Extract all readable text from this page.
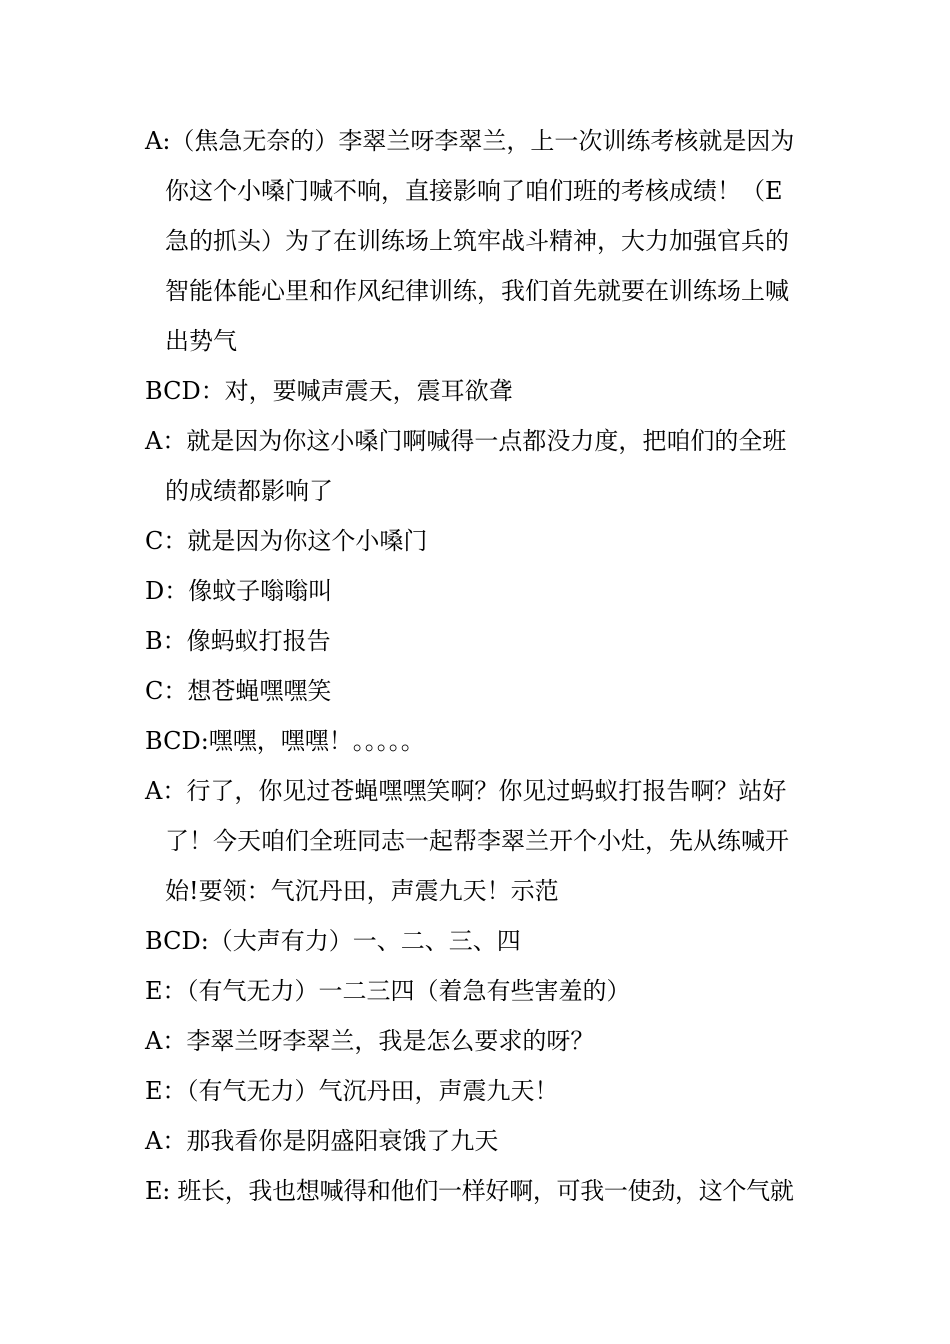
A:（焦急无奈的）李翠兰呀李翠兰，上一次训练考核就是因为你这个小嗓门喊不响，直接影响了咱们班的考核成绩！（E 急的抓头）为了在训练场上筑牢战斗精神，大力加强官兵的智能体能心里和作风纪律训练，我们首先就要在训练场上喊出势气

BCD：对，要喊声震天，震耳欲聋

A：就是因为你这小嗓门啊喊得一点都没力度，把咱们的全班的成绩都影响了

C：就是因为你这个小嗓门

D：像蚊子嗡嗡叫

B：像蚂蚁打报告

C：想苍蝇嘿嘿笑

BCD:嘿嘿，嘿嘿！。。。。。

A：行了，你见过苍蝇嘿嘿笑啊？你见过蚂蚁打报告啊？站好了！今天咱们全班同志一起帮李翠兰开个小灶，先从练喊开始!要领：气沉丹田，声震九天！示范

BCD:（大声有力）一、二、三、四

E：（有气无力）一二三四（着急有些害羞的）

A：李翠兰呀李翠兰，我是怎么要求的呀？

E：（有气无力）气沉丹田，声震九天！

A：那我看你是阴盛阳衰饿了九天

E: 班长，我也想喊得和他们一样好啊，可我一使劲，这个气就
